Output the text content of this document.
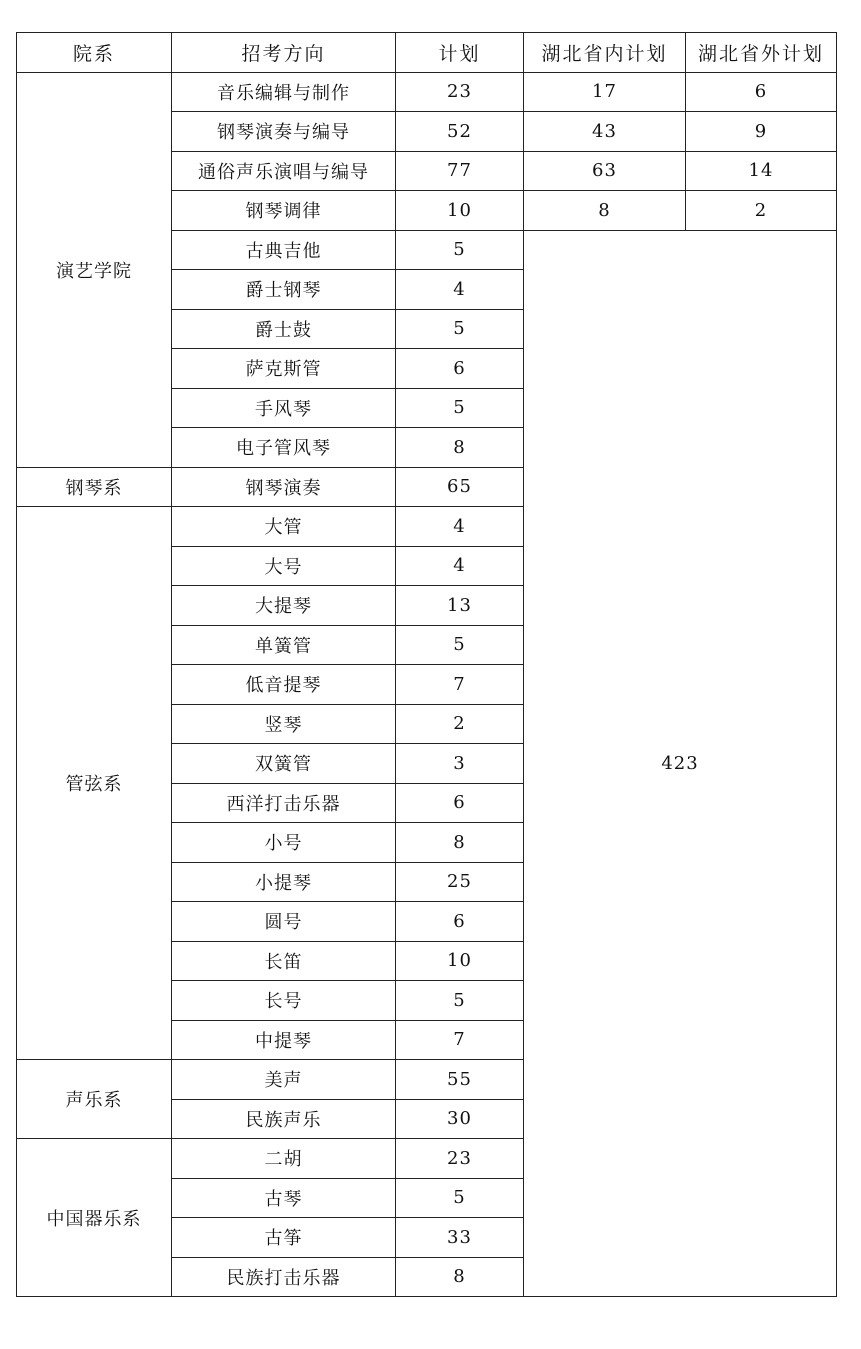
院系	招考方向	计划	湖北省内计划	湖北省外计划
演艺学院	音乐编辑与制作	23	17	6
	钢琴演奏与编导	52	43	9
	通俗声乐演唱与编导	77	63	14
	钢琴调律	10	8	2
	古典吉他	5	423	
	爵士钢琴	4		
	爵士鼓	5		
	萨克斯管	6		
	手风琴	5		
	电子管风琴	8		
钢琴系	钢琴演奏	65		
管弦系	大管	4		
	大号	4		
	大提琴	13		
	单簧管	5		
	低音提琴	7		
	竖琴	2		
	双簧管	3		
	西洋打击乐器	6		
	小号	8		
	小提琴	25		
	圆号	6		
	长笛	10		
	长号	5		
	中提琴	7		
声乐系	美声	55		
	民族声乐	30		
中国器乐系	二胡	23		
	古琴	5		
	古筝	33		
	民族打击乐器	8		
